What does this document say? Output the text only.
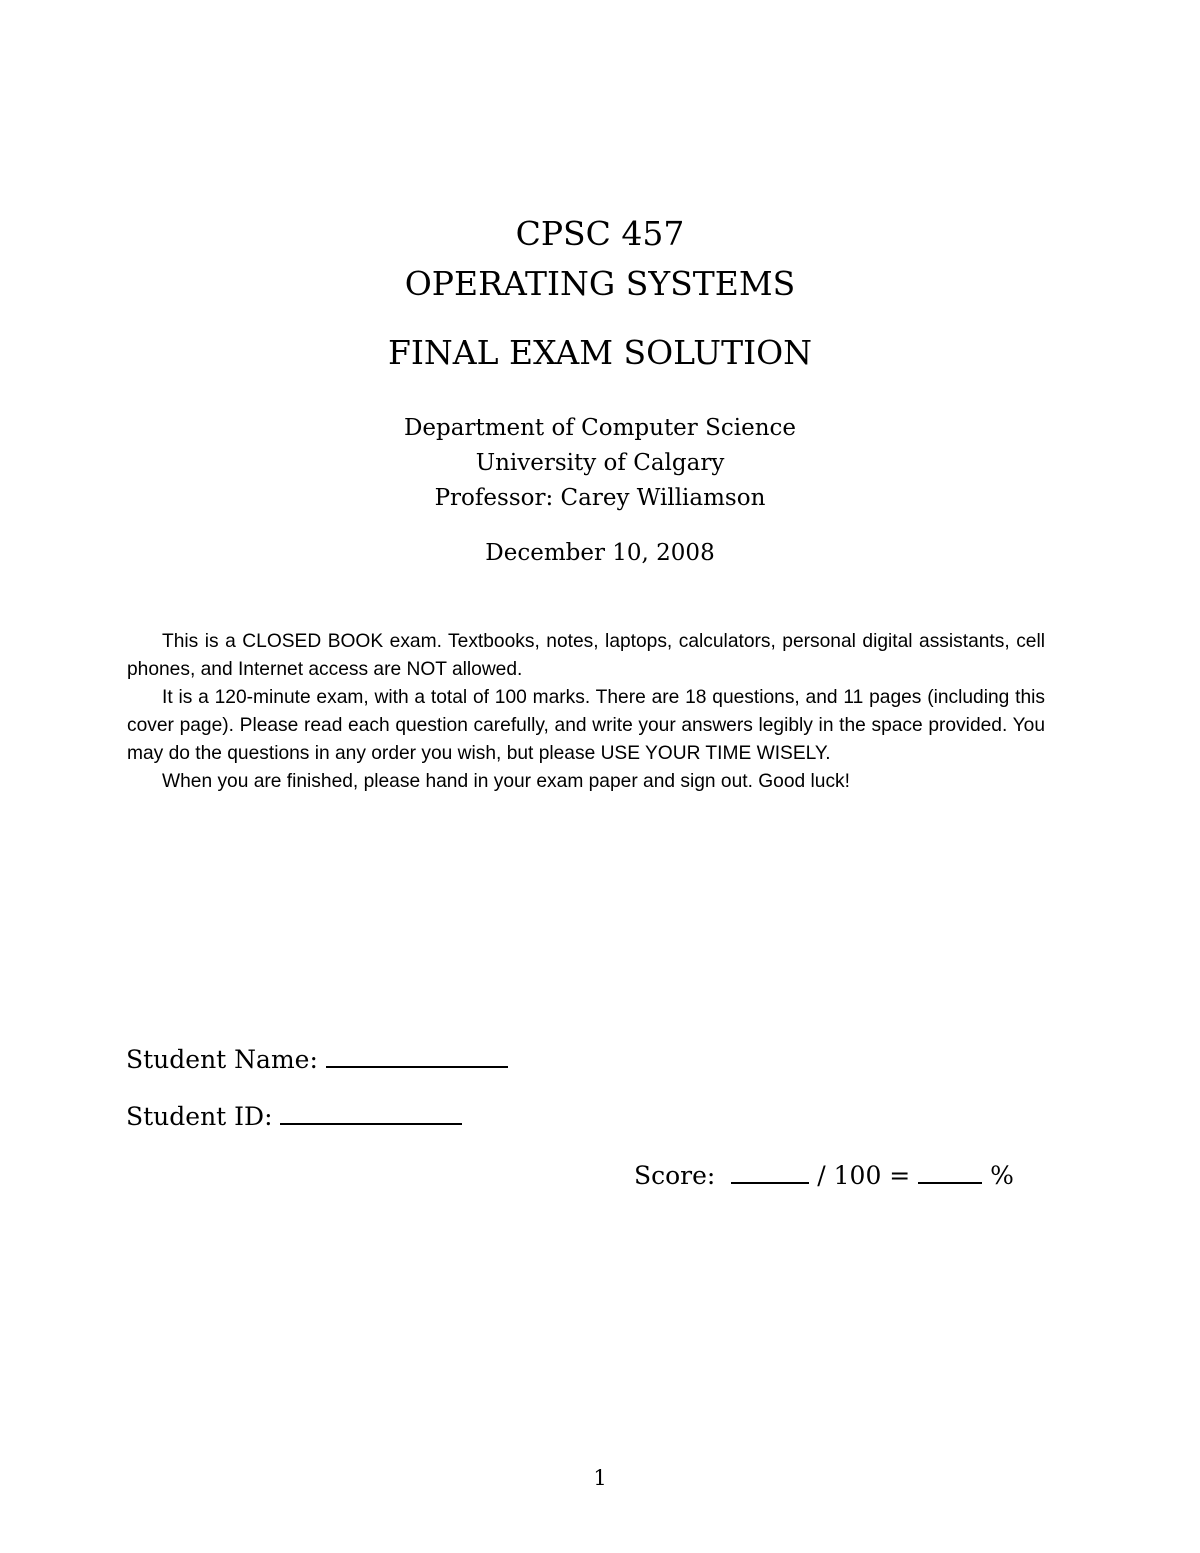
CPSC 457
OPERATING SYSTEMS
FINAL EXAM SOLUTION
Department of Computer Science
University of Calgary
Professor: Carey Williamson
December 10, 2008

This is a CLOSED BOOK exam. Textbooks, notes, laptops, calculators, personal digital assistants, cell phones, and Internet access are NOT allowed.

It is a 120-minute exam, with a total of 100 marks. There are 18 questions, and 11 pages (including this cover page). Please read each question carefully, and write your answers legibly in the space provided. You may do the questions in any order you wish, but please USE YOUR TIME WISELY.

When you are finished, please hand in your exam paper and sign out. Good luck!

Student Name:
Student ID:
Score:	/ 100 =	%
1
